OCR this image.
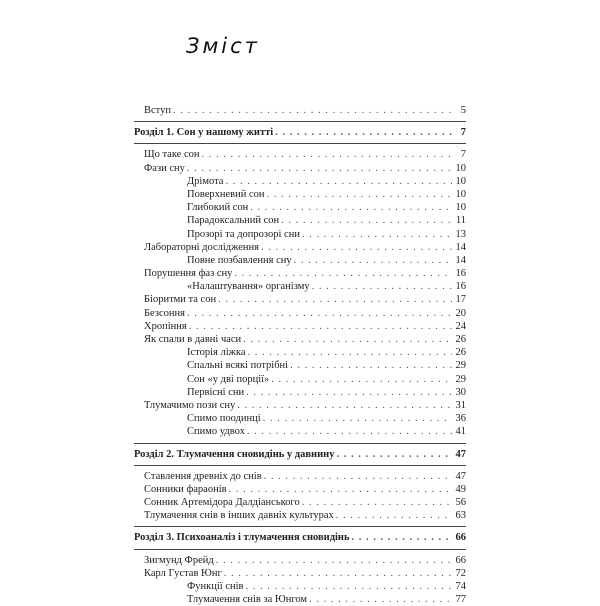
Зміст
Вступ . . .	5
Розділ 1. Сон у нашому житті . . .	7
Що таке сон . . .	7
Фази сну . . .	10
Дрімота . . .	10
Поверхневий сон . . .	10
Глибокий сон . . .	10
Парадоксальний сон . . .	11
Прозорі та допрозорі сни . . .	13
Лабораторні дослідження . . .	14
Повне позбавлення сну . . .	14
Порушення фаз сну . . .	16
«Налаштування» організму . . .	16
Біоритми та сон . . .	17
Безсоння . . .	20
Хропіння . . .	24
Як спали в давні часи . . .	26
Історія ліжка . . .	26
Спальні всякі потрібні . . .	29
Сон «у дві порції» . . .	29
Первісні сни . . .	30
Тлумачимо пози сну . . .	31
Спимо поодинці . . .	36
Спимо удвох . . .	41
Розділ 2. Тлумачення сновидінь у давнину . . .	47
Ставлення древніх до снів . . .	47
Сонники фараонів . . .	49
Сонник Артемідора Далдіанського . . .	56
Тлумачення снів в інших давніх культурах . . .	63
Розділ 3. Психоаналіз і тлумачення сновидінь . . .	66
Зигмунд Фрейд . . .	66
Карл Густав Юнг . . .	72
Функції снів . . .	74
Тлумачення снів за Юнгом . . .	77
